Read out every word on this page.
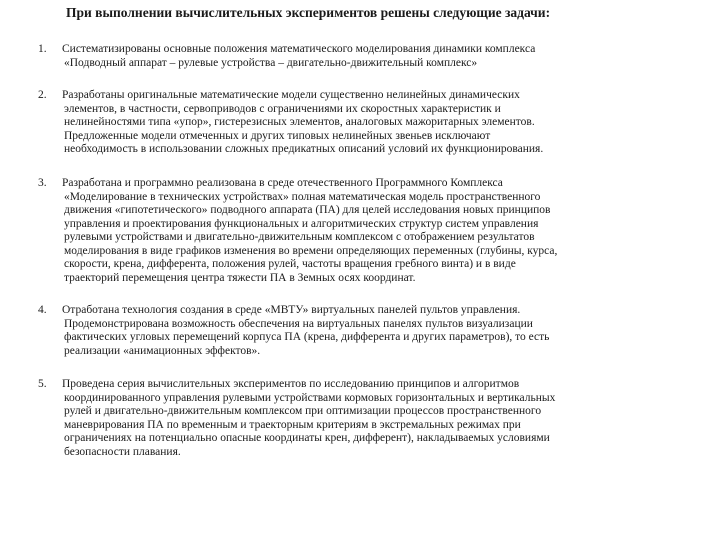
При выполнении вычислительных экспериментов решены следующие задачи:
1.	Систематизированы основные положения математического моделирования динамики комплекса
«Подводный аппарат – рулевые устройства – двигательно-движительный комплекс»
2.	Разработаны оригинальные математические модели существенно нелинейных динамических
элементов, в частности, сервоприводов с ограничениями их скоростных характеристик и
нелинейностями типа «упор», гистерезисных элементов, аналоговых мажоритарных элементов.
Предложенные модели отмеченных и других типовых нелинейных звеньев исключают
необходимость в использовании сложных предикатных описаний условий их функционирования.
3.	Разработана и программно реализована в среде отечественного Программного Комплекса
«Моделирование в технических устройствах» полная математическая модель пространственного
движения «гипотетического» подводного аппарата (ПА) для целей исследования новых принципов
управления и проектирования функциональных и алгоритмических структур систем управления
рулевыми устройствами и двигательно-движительным комплексом с отображением результатов
моделирования в виде графиков изменения во времени определяющих переменных (глубины, курса,
скорости, крена, дифферента, положения рулей, частоты вращения гребного винта) и в виде
траекторий перемещения центра тяжести ПА в Земных осях координат.
4.	Отработана технология создания в среде «МВТУ» виртуальных панелей пультов управления.
Продемонстрирована возможность обеспечения на виртуальных панелях пультов визуализации
фактических угловых перемещений корпуса ПА (крена, дифферента и других параметров), то есть
реализации «анимационных эффектов».
5.	Проведена серия вычислительных экспериментов по исследованию принципов и алгоритмов
координированного управления рулевыми устройствами кормовых горизонтальных и вертикальных
рулей и двигательно-движительным комплексом при оптимизации процессов пространственного
маневрирования ПА по временным и траекторным критериям в экстремальных режимах при
ограничениях на потенциально опасные координаты крен, дифферент), накладываемых условиями
безопасности плавания.
